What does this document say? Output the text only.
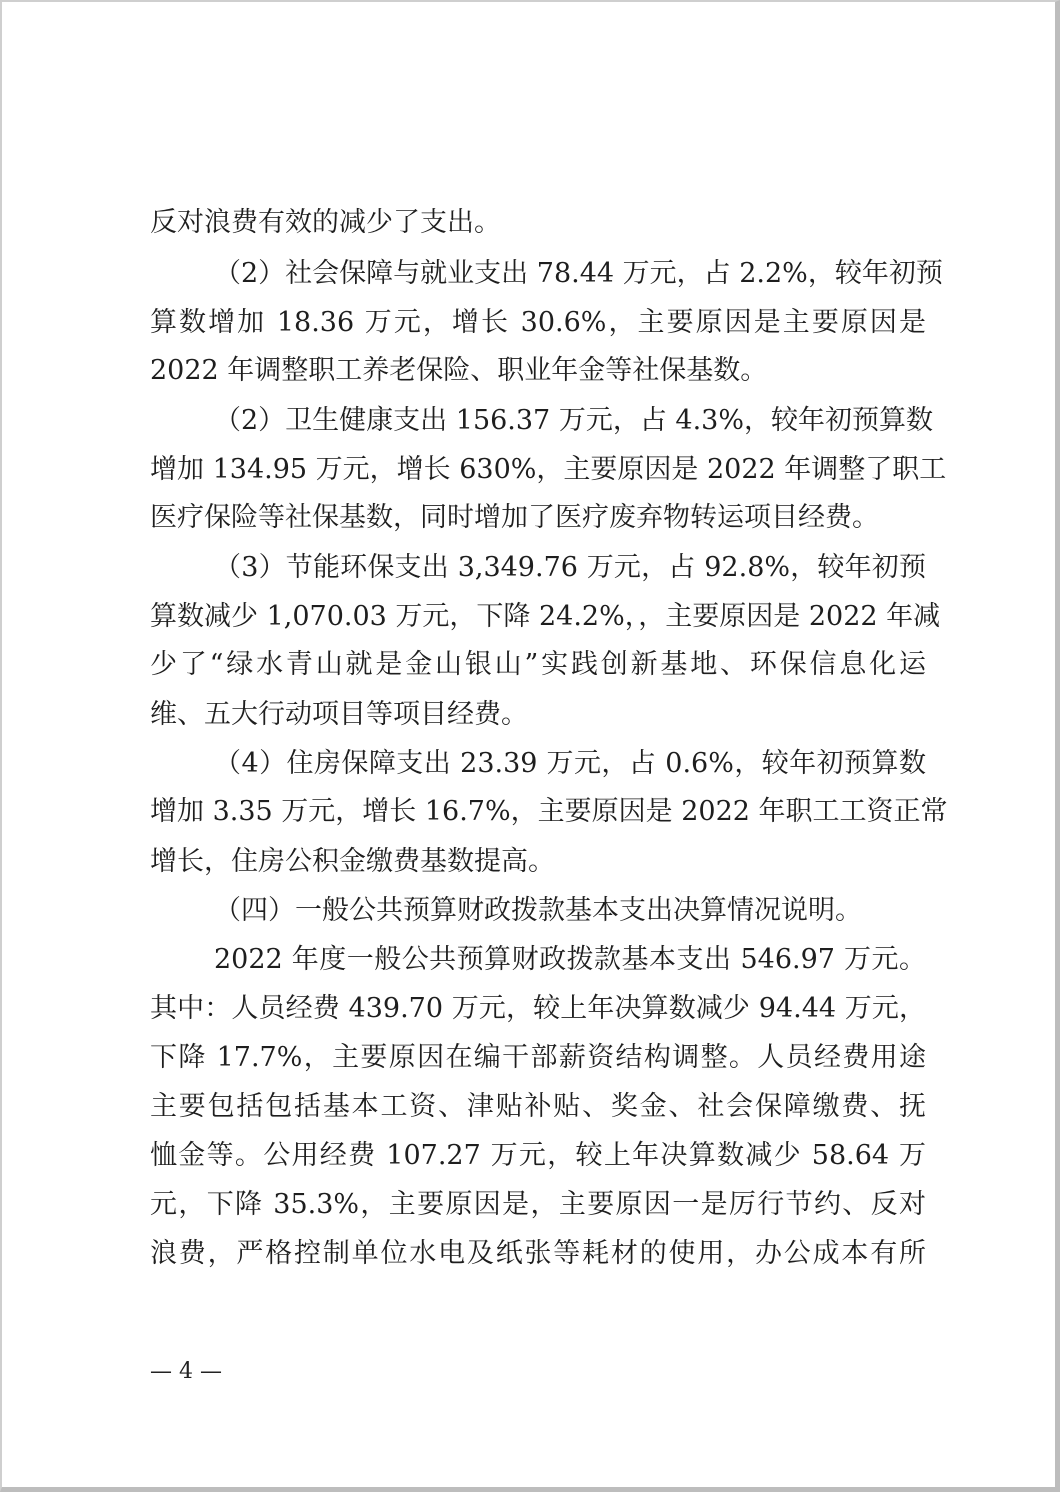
反对浪费有效的减少了支出。
（2）社会保障与就业支出 78.44 万元，占 2.2%，较年初预
算数增加 18.36 万元，增长 30.6%，主要原因是主要原因是
2022 年调整职工养老保险、职业年金等社保基数。
（2）卫生健康支出 156.37 万元，占 4.3%，较年初预算数
增加 134.95 万元，增长 630%，主要原因是 2022 年调整了职工
医疗保险等社保基数，同时增加了医疗废弃物转运项目经费。
（3）节能环保支出 3,349.76 万元，占 92.8%，较年初预
算数减少 1,070.03 万元，下降 24.2%，，主要原因是 2022 年减
少了“绿水青山就是金山银山”实践创新基地、环保信息化运
维、五大行动项目等项目经费。
（4）住房保障支出 23.39 万元，占 0.6%，较年初预算数
增加 3.35 万元，增长 16.7%，主要原因是 2022 年职工工资正常
增长，住房公积金缴费基数提高。
（四）一般公共预算财政拨款基本支出决算情况说明。
2022 年度一般公共预算财政拨款基本支出 546.97 万元。
其中：人员经费 439.70 万元，较上年决算数减少 94.44 万元，
下降 17.7%，主要原因在编干部薪资结构调整。人员经费用途
主要包括包括基本工资、津贴补贴、奖金、社会保障缴费、抚
恤金等。公用经费 107.27 万元，较上年决算数减少 58.64 万
元，下降 35.3%，主要原因是，主要原因一是厉行节约、反对
浪费，严格控制单位水电及纸张等耗材的使用，办公成本有所
— 4 —
